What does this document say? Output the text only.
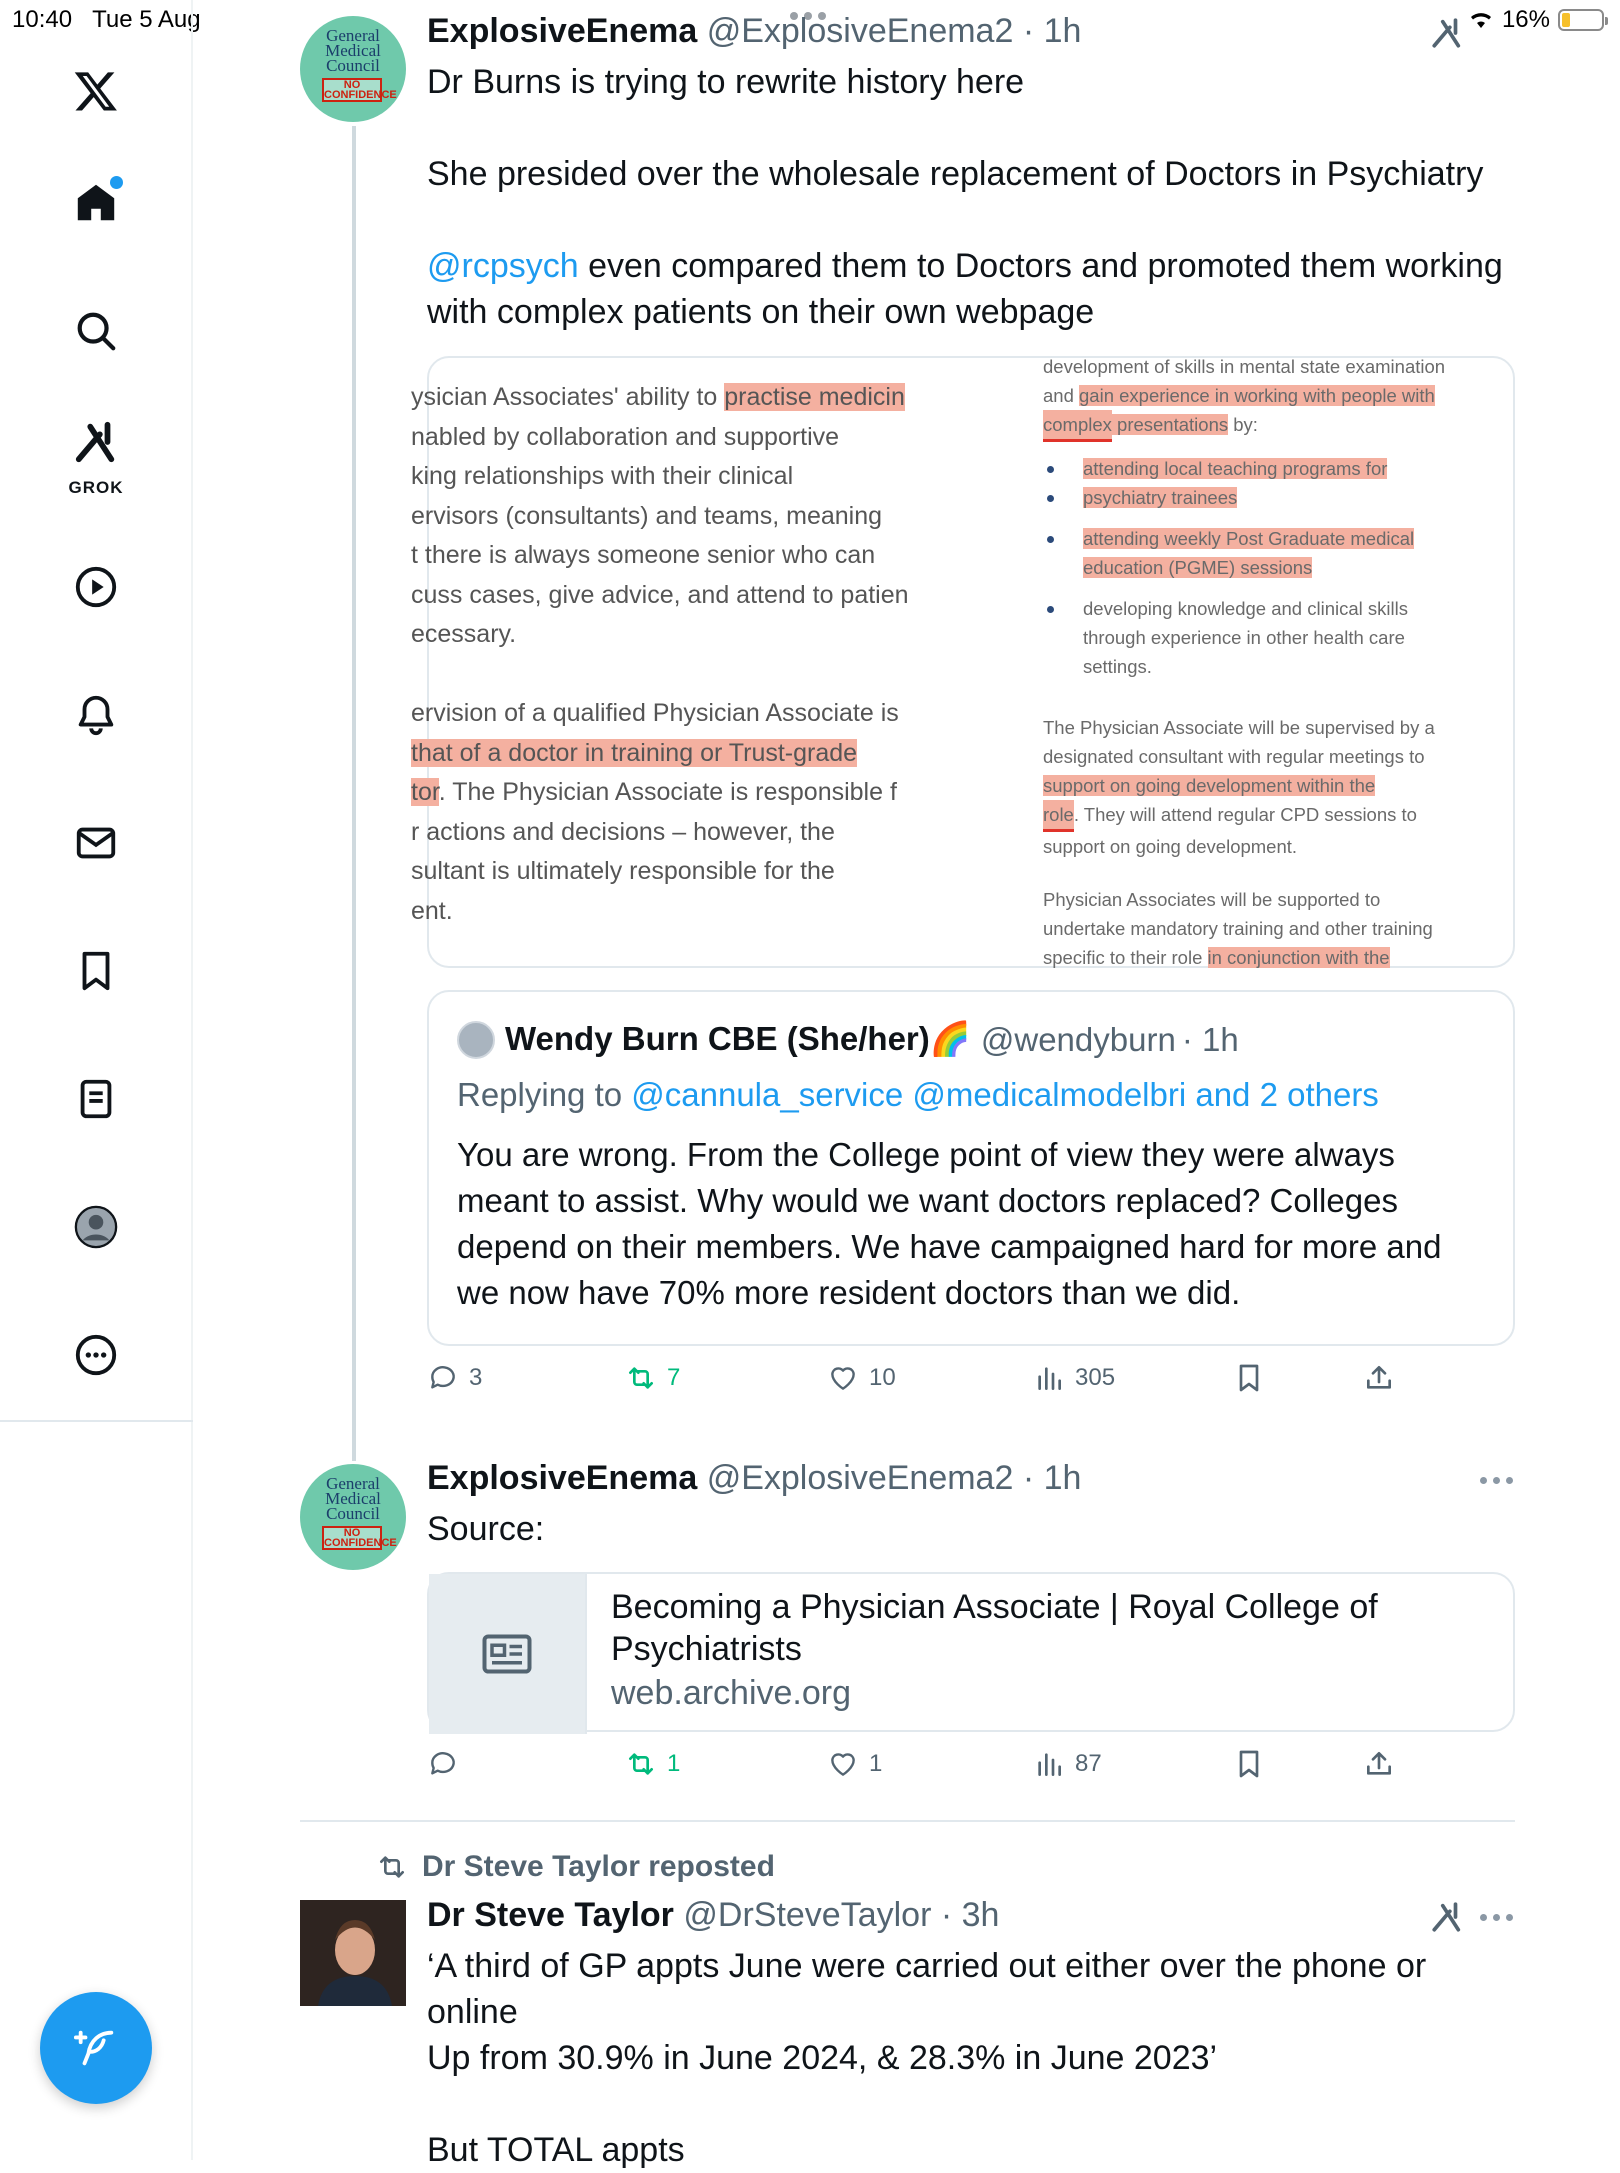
10:40 Tue 5 Aug	16%
GROK
General Medical Council
NO CONFIDENCE
ExplosiveEnema @ExplosiveEnema2 · 1h

Dr Burns is trying to rewrite history here

She presided over the wholesale replacement of Doctors in Psychiatry

@rcpsych even compared them to Doctors and promoted them working with complex patients on their own webpage

ysician Associates' ability to practise medicin
nabled by collaboration and supportive
king relationships with their clinical
ervisors (consultants) and teams, meaning
t there is always someone senior who can
cuss cases, give advice, and attend to patien
ecessary.

ervision of a qualified Physician Associate is
that of a doctor in training or Trust-grade
tor. The Physician Associate is responsible f
r actions and decisions – however, the
sultant is ultimately responsible for the
ent.
development of skills in mental state examination
and gain experience in working with people with
complex presentations by:
attending local teaching programs for
psychiatry trainees
attending weekly Post Graduate medical
education (PGME) sessions
developing knowledge and clinical skills
through experience in other health care
settings.
The Physician Associate will be supervised by a
designated consultant with regular meetings to
support on going development within the
role. They will attend regular CPD sessions to
support on going development.
Physician Associates will be supported to
undertake mandatory training and other training
specific to their role in conjunction with the
Wendy Burn CBE (She/her)🌈 @wendyburn · 1h
Replying to @cannula_service @medicalmodelbri and 2 others
You are wrong. From the College point of view they were always meant to assist. Why would we want doctors replaced? Colleges depend on their members. We have campaigned hard for more and we now have 70% more resident doctors than we did.
3	7	10	305
General Medical Council
NO CONFIDENCE
ExplosiveEnema @ExplosiveEnema2 · 1h
Source:
Becoming a Physician Associate | Royal College of Psychiatrists
web.archive.org
1	1	87
Dr Steve Taylor reposted
Dr Steve Taylor @DrSteveTaylor · 3h

‘A third of GP appts June were carried out either over the phone or online

Up from 30.9% in June 2024, & 28.3% in June 2023’

But TOTAL appts
